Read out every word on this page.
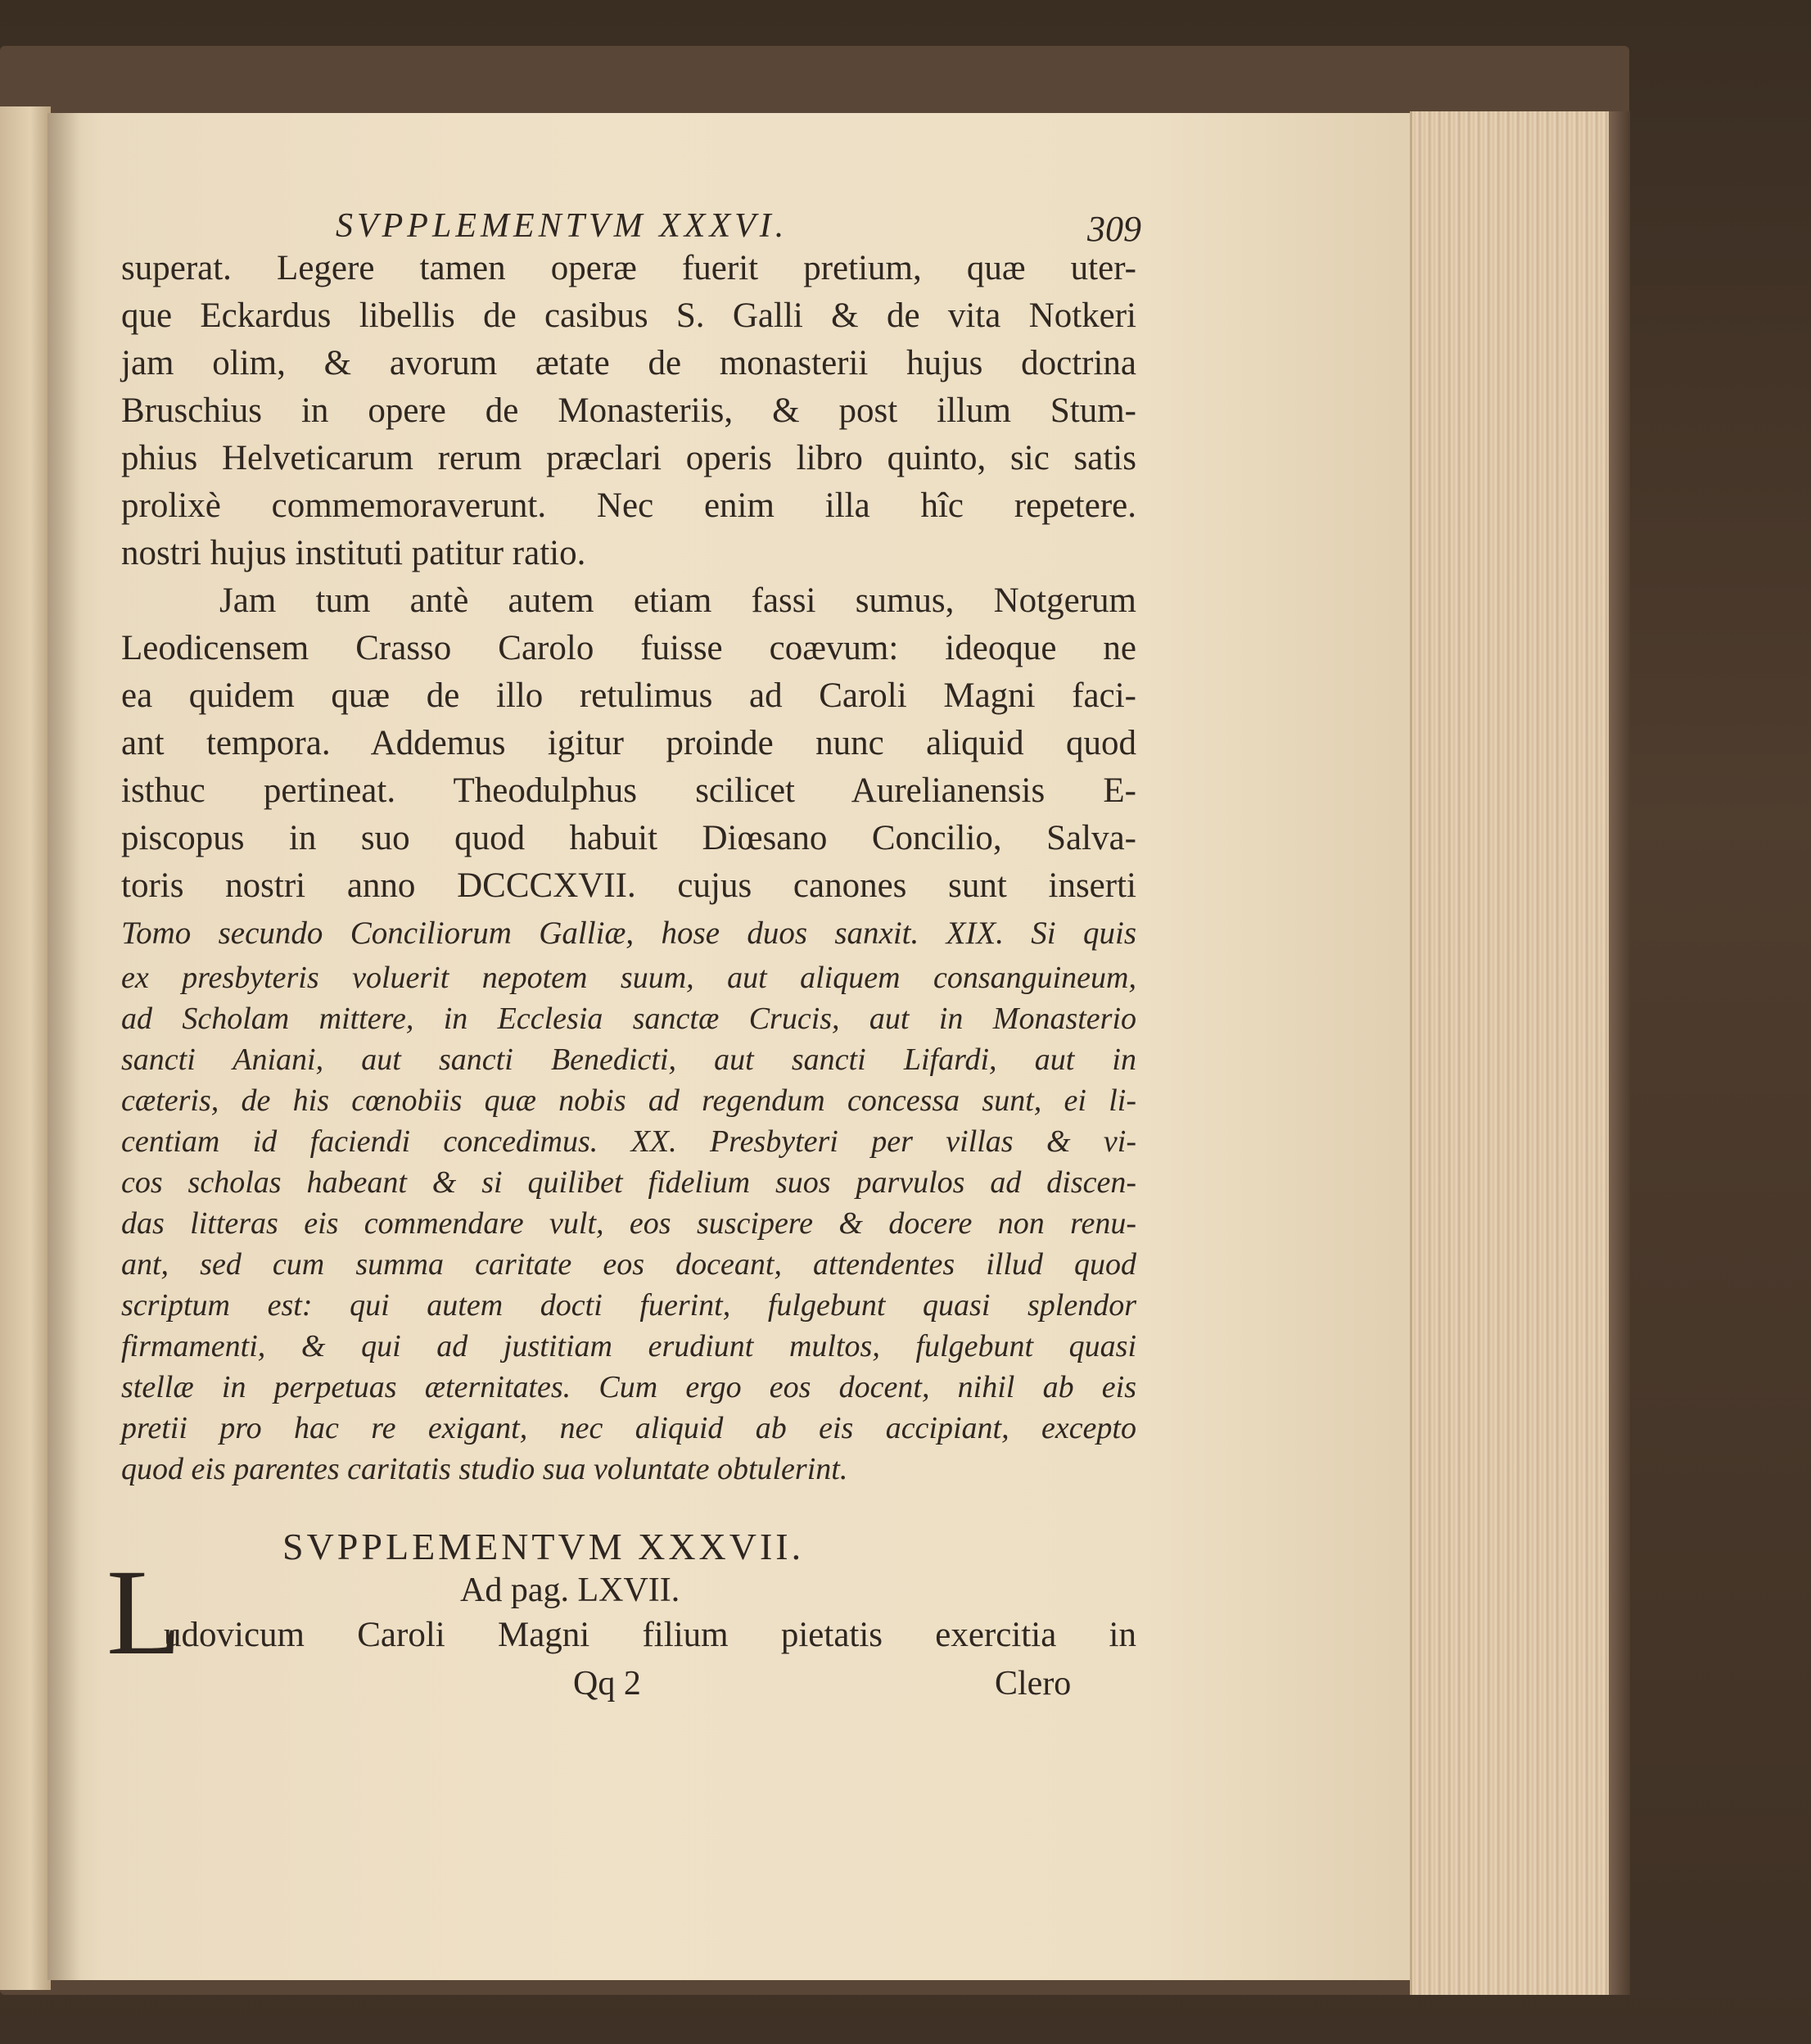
SVPPLEMENTVM XXXVI.	309
superat. Legere tamen operæ fuerit pretium, quæ uter-
que Eckardus libellis de casibus S. Galli & de vita Notkeri
jam olim, & avorum ætate de monasterii hujus doctrina
Bruschius in opere de Monasteriis, & post illum Stum-
phius Helveticarum rerum præclari operis libro quinto, sic satis
prolixè commemoraverunt. Nec enim illa hîc repetere.
nostri hujus instituti patitur ratio.
Jam tum antè autem etiam fassi sumus, Notgerum
Leodicensem Crasso Carolo fuisse coævum: ideoque ne
ea quidem quæ de illo retulimus ad Caroli Magni faci-
ant tempora. Addemus igitur proinde nunc aliquid quod
isthuc pertineat. Theodulphus scilicet Aurelianensis E-
piscopus in suo quod habuit Diœsano Concilio, Salva-
toris nostri anno DCCCXVII. cujus canones sunt inserti
Tomo secundo Conciliorum Galliæ, hose duos sanxit. XIX. Si quis
ex presbyteris voluerit nepotem suum, aut aliquem consanguineum,
ad Scholam mittere, in Ecclesia sanctæ Crucis, aut in Monasterio
sancti Aniani, aut sancti Benedicti, aut sancti Lifardi, aut in
cæteris, de his cœnobiis quæ nobis ad regendum concessa sunt, ei li-
centiam id faciendi concedimus. XX. Presbyteri per villas & vi-
cos scholas habeant & si quilibet fidelium suos parvulos ad discen-
das litteras eis commendare vult, eos suscipere & docere non renu-
ant, sed cum summa caritate eos doceant, attendentes illud quod
scriptum est: qui autem docti fuerint, fulgebunt quasi splendor
firmamenti, & qui ad justitiam erudiunt multos, fulgebunt quasi
stellæ in perpetuas æternitates. Cum ergo eos docent, nihil ab eis
pretii pro hac re exigant, nec aliquid ab eis accipiant, excepto
SVPPLEMENTVM XXXVII.
Ad pag. LXVII.
L
udovicum Caroli Magni filium pietatis exercitia in
Qq 2	Clero
quod eis parentes caritatis studio sua voluntate obtulerint.
